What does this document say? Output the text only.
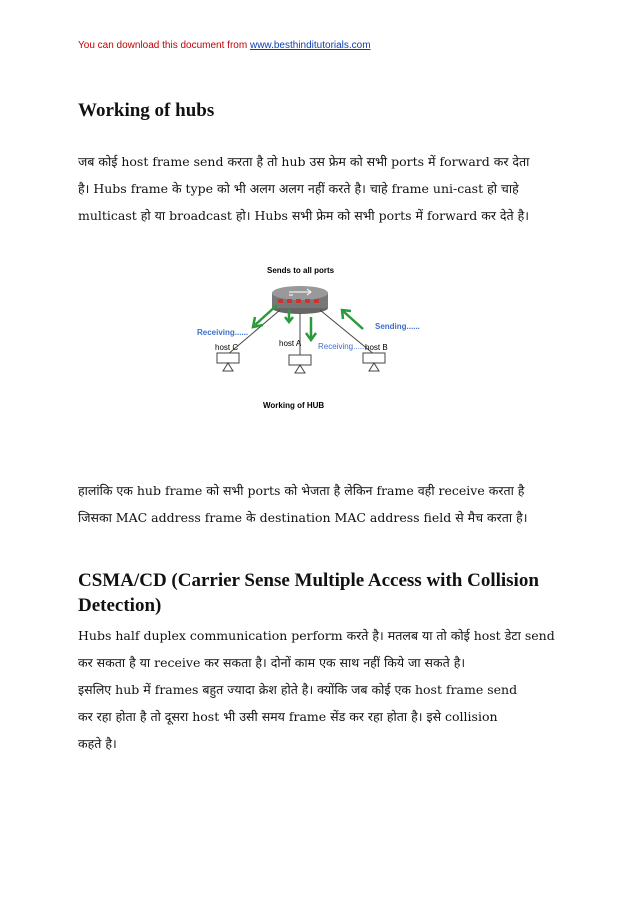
You can download this document from www.besthinditutorials.com
Working of hubs
जब कोई host frame send करता है तो hub उस फ्रेम को सभी ports में forward कर देता
है। Hubs frame के type को भी अलग अलग नहीं करते है। चाहे frame uni-cast हो चाहे
multicast हो या broadcast हो। Hubs सभी फ्रेम को सभी ports में forward कर देते है।
Sends to all ports
Receiving......
Receiving......
Sending......
host C	host A	host B
Working of HUB
हालांकि एक hub frame को सभी ports को भेजता है लेकिन frame वही receive करता है
जिसका MAC address frame के destination MAC address field से मैच करता है।
CSMA/CD (Carrier Sense Multiple Access with Collision
Detection)
Hubs half duplex communication perform करते है। मतलब या तो कोई host डेटा send
कर सकता है या receive कर सकता है। दोनों काम एक साथ नहीं किये जा सकते है।
इसलिए hub में frames बहुत ज्यादा क्रेश होते है। क्योंकि जब कोई एक host frame send
कर रहा होता है तो दूसरा host भी उसी समय frame सेंड कर रहा होता है। इसे collision
कहते है।
